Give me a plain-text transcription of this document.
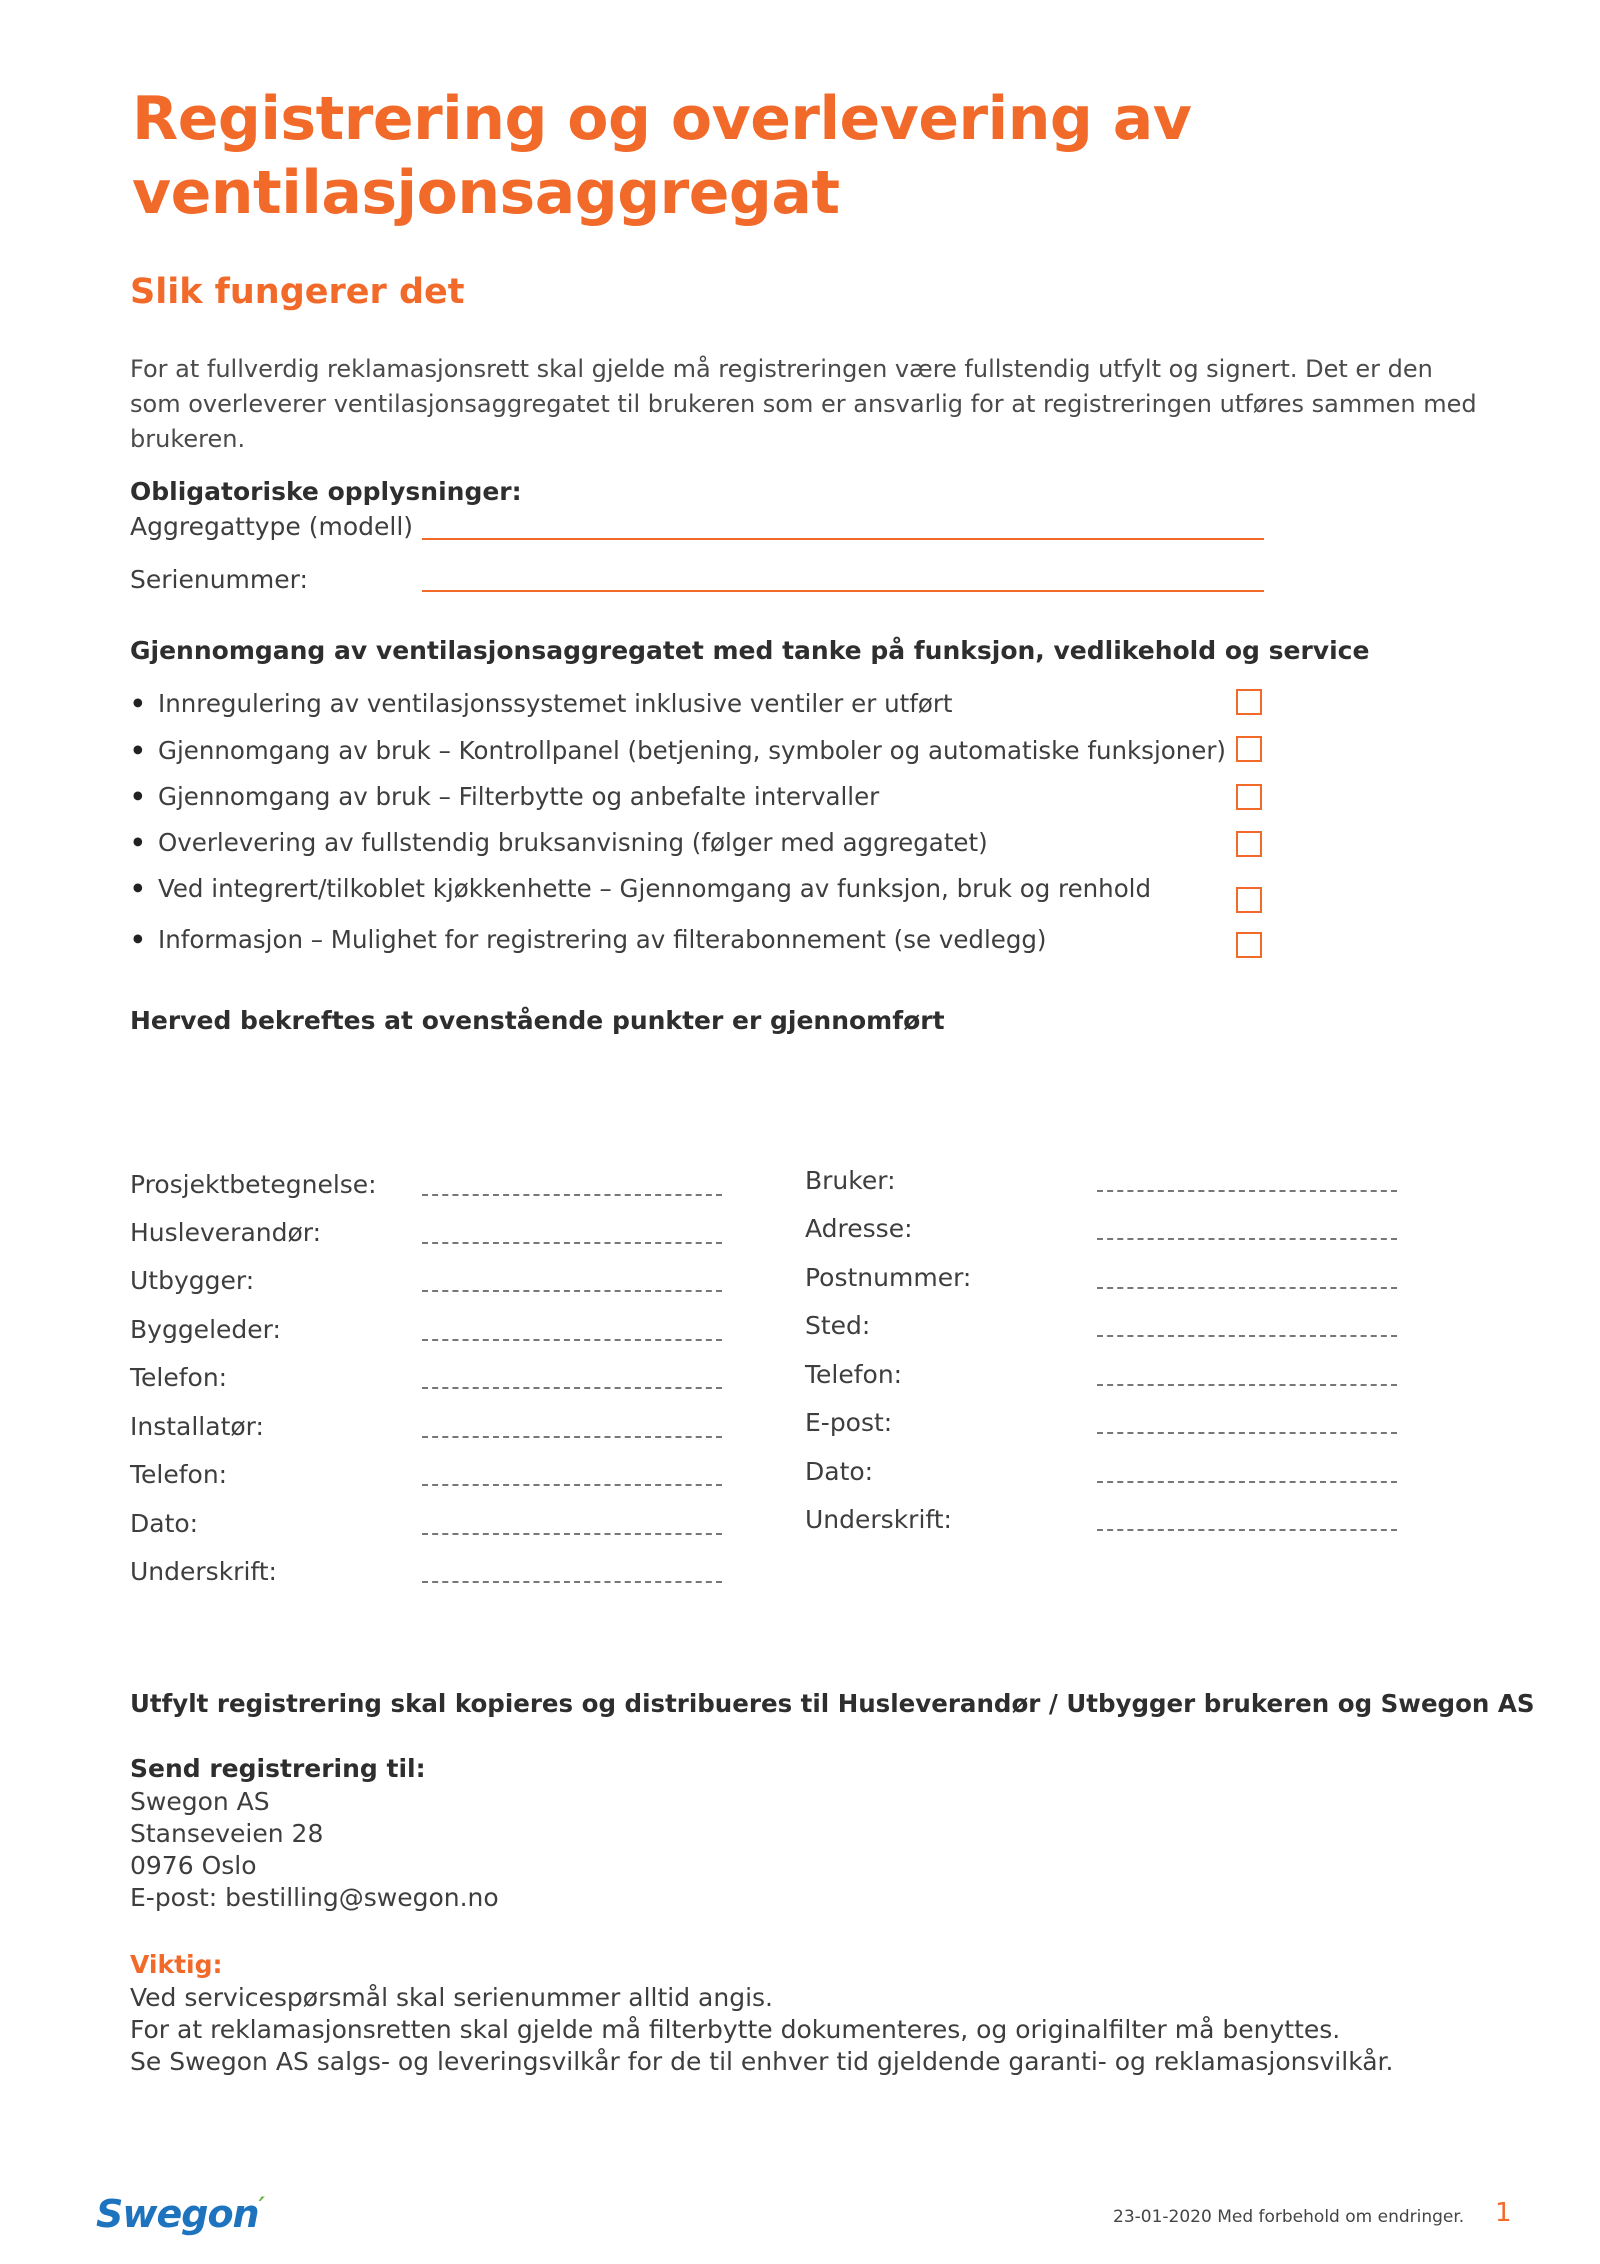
Registrering og overlevering av ventilasjonsaggregat
Slik fungerer det

For at fullverdig reklamasjonsrett skal gjelde må registreringen være fullstendig utfylt og signert. Det er den som overleverer ventilasjonsaggregatet til brukeren som er ansvarlig for at registreringen utføres sammen med brukeren.

Obligatoriske opplysninger:
Aggregattype (modell)
Serienummer:
Gjennomgang av ventilasjonsaggregatet med tanke på funksjon, vedlikehold og service
• Innregulering av ventilasjonssystemet inklusive ventiler er utført
• Gjennomgang av bruk – Kontrollpanel (betjening, symboler og automatiske funksjoner)
• Gjennomgang av bruk – Filterbytte og anbefalte intervaller
• Overlevering av fullstendig bruksanvisning (følger med aggregatet)
• Ved integrert/tilkoblet kjøkkenhette – Gjennomgang av funksjon, bruk og renhold
• Informasjon – Mulighet for registrering av filterabonnement (se vedlegg)
Herved bekreftes at ovenstående punkter er gjennomført
Prosjektbetegnelse:
Husleverandør:
Utbygger:
Byggeleder:
Telefon:
Installatør:
Telefon:
Dato:
Underskrift:
Bruker:
Adresse:
Postnummer:
Sted:
Telefon:
E-post:
Dato:
Underskrift:
Utfylt registrering skal kopieres og distribueres til Husleverandør / Utbygger brukeren og Swegon AS
Send registrering til:
Swegon AS
Stanseveien 28
0976 Oslo
E-post: bestilling@swegon.no
Viktig:
Ved servicespørsmål skal serienummer alltid angis.
For at reklamasjonsretten skal gjelde må filterbytte dokumenteres, og originalfilter må benyttes.
Se Swegon AS salgs- og leveringsvilkår for de til enhver tid gjeldende garanti- og reklamasjonsvilkår.
Swegon′	23-01-2020 Med forbehold om endringer. 1
